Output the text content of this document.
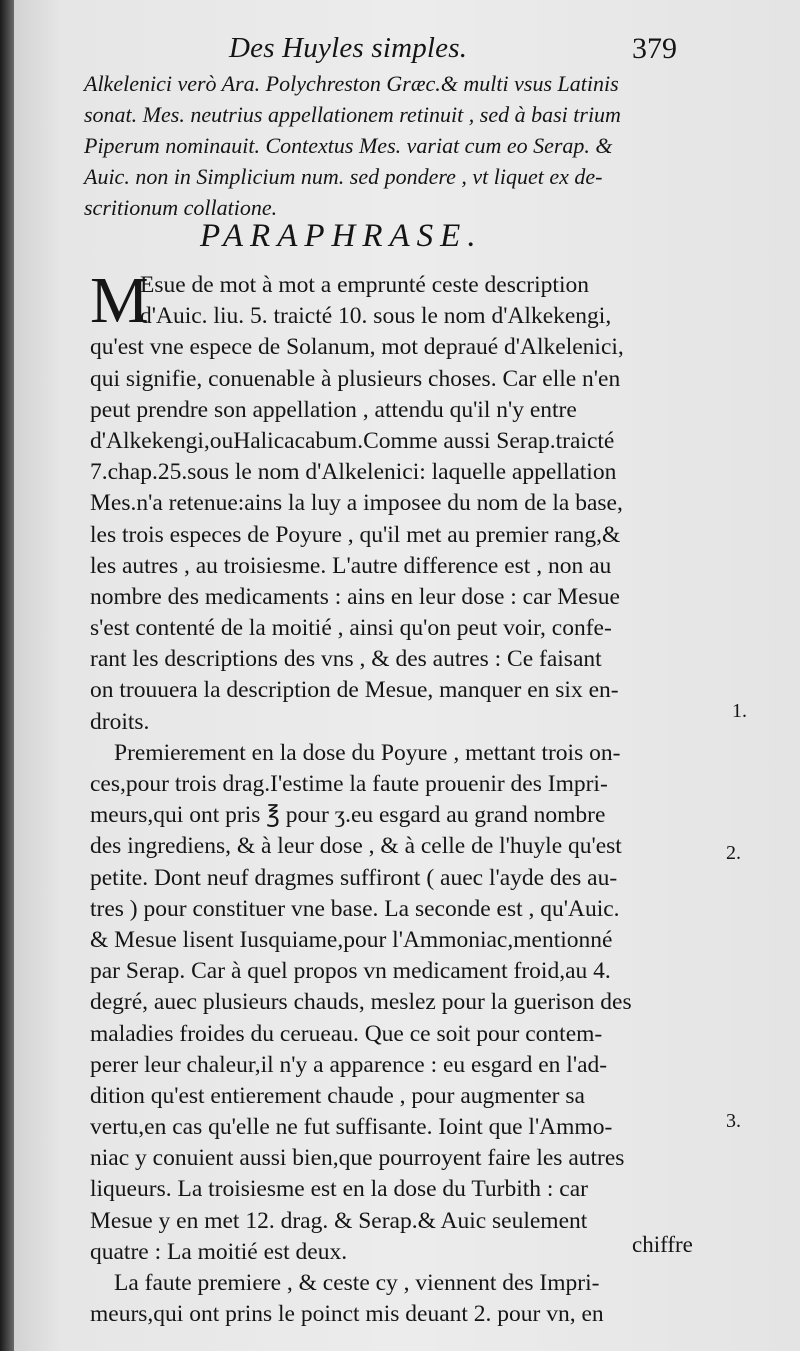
Des Huyles simples.	379
Alkelenici verò Ara. Polychreston Græc.& multi vsus Latinis
sonat. Mes. neutrius appellationem retinuit , sed à basi trium
Piperum nominauit. Contextus Mes. variat cum eo Serap. &
Auic. non in Simplicium num. sed pondere , vt liquet ex de-
scritionum collatione.
PARAPHRASE.
M
Esue de mot à mot a emprunté ceste description
d'Auic. liu. 5. traicté 10. sous le nom d'Alkekengi,
qu'est vne espece de Solanum, mot depraué d'Alkelenici,
qui signifie, conuenable à plusieurs choses. Car elle n'en
peut prendre son appellation , attendu qu'il n'y entre
d'Alkekengi,ouHalicacabum.Comme aussi Serap.traicté
7.chap.25.sous le nom d'Alkelenici: laquelle appellation
Mes.n'a retenue:ains la luy a imposee du nom de la base,
les trois especes de Poyure , qu'il met au premier rang,&
les autres , au troisiesme. L'autre difference est , non au
nombre des medicaments : ains en leur dose : car Mesue
s'est contenté de la moitié , ainsi qu'on peut voir, confe-
rant les descriptions des vns , & des autres : Ce faisant
on trouuera la description de Mesue, manquer en six en-
droits.
Premierement en la dose du Poyure , mettant trois on-
ces,pour trois drag.I'estime la faute prouenir des Impri-
meurs,qui ont pris ℥ pour ʒ.eu esgard au grand nombre
des ingrediens, & à leur dose , & à celle de l'huyle qu'est
petite. Dont neuf dragmes suffiront ( auec l'ayde des au-
tres ) pour constituer vne base. La seconde est , qu'Auic.
& Mesue lisent Iusquiame,pour l'Ammoniac,mentionné
par Serap. Car à quel propos vn medicament froid,au 4.
degré, auec plusieurs chauds, meslez pour la guerison des
maladies froides du cerueau. Que ce soit pour contem-
perer leur chaleur,il n'y a apparence : eu esgard en l'ad-
dition qu'est entierement chaude , pour augmenter sa
vertu,en cas qu'elle ne fut suffisante. Ioint que l'Ammo-
niac y conuient aussi bien,que pourroyent faire les autres
liqueurs. La troisiesme est en la dose du Turbith : car
Mesue y en met 12. drag. & Serap.& Auic seulement
quatre : La moitié est deux.
La faute premiere , & ceste cy , viennent des Impri-
meurs,qui ont prins le poinct mis deuant 2. pour vn, en
1.
2.
3.
chiffre
